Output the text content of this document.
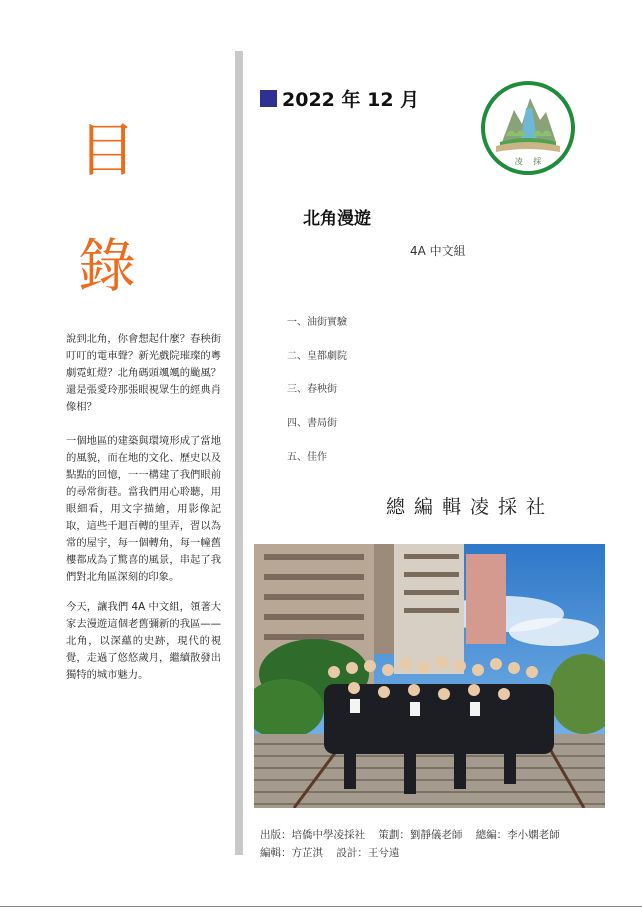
目
錄

說到北角，你會想起什麼？春秧街叮叮的電車聲？新光戲院璀璨的粵劇霓虹燈？北角碼頭颯颯的颱風？還是張愛玲那張眼視眾生的經典肖像相？

一個地區的建築與環境形成了當地的風貌，而在地的文化、歷史以及點點的回憶，一一構建了我們眼前的尋常街巷。當我們用心聆聽，用眼細看，用文字描繪，用影像記取，這些千迴百轉的里弄，習以為常的屋宇，每一個轉角，每一幢舊樓都成為了驚喜的風景，串起了我們對北角區深刻的印象。

今天，讓我們 4A 中文組，領著大家去漫遊這個老舊彌新的我區——北角，以深蘊的史跡，現代的視覺，走過了悠悠歲月，繼續散發出獨特的城市魅力。

2022 年 12 月
凌 採
北角漫遊
4A 中文組
一、油街實驗
二、皇都劇院
三、春秧街
四、書局街
五、佳作
總編輯凌採社
出版：培僑中學凌採社 策劃：劉靜儀老師 總編：李小嫻老師
編輯：方芷淇 設計：王兮遠
